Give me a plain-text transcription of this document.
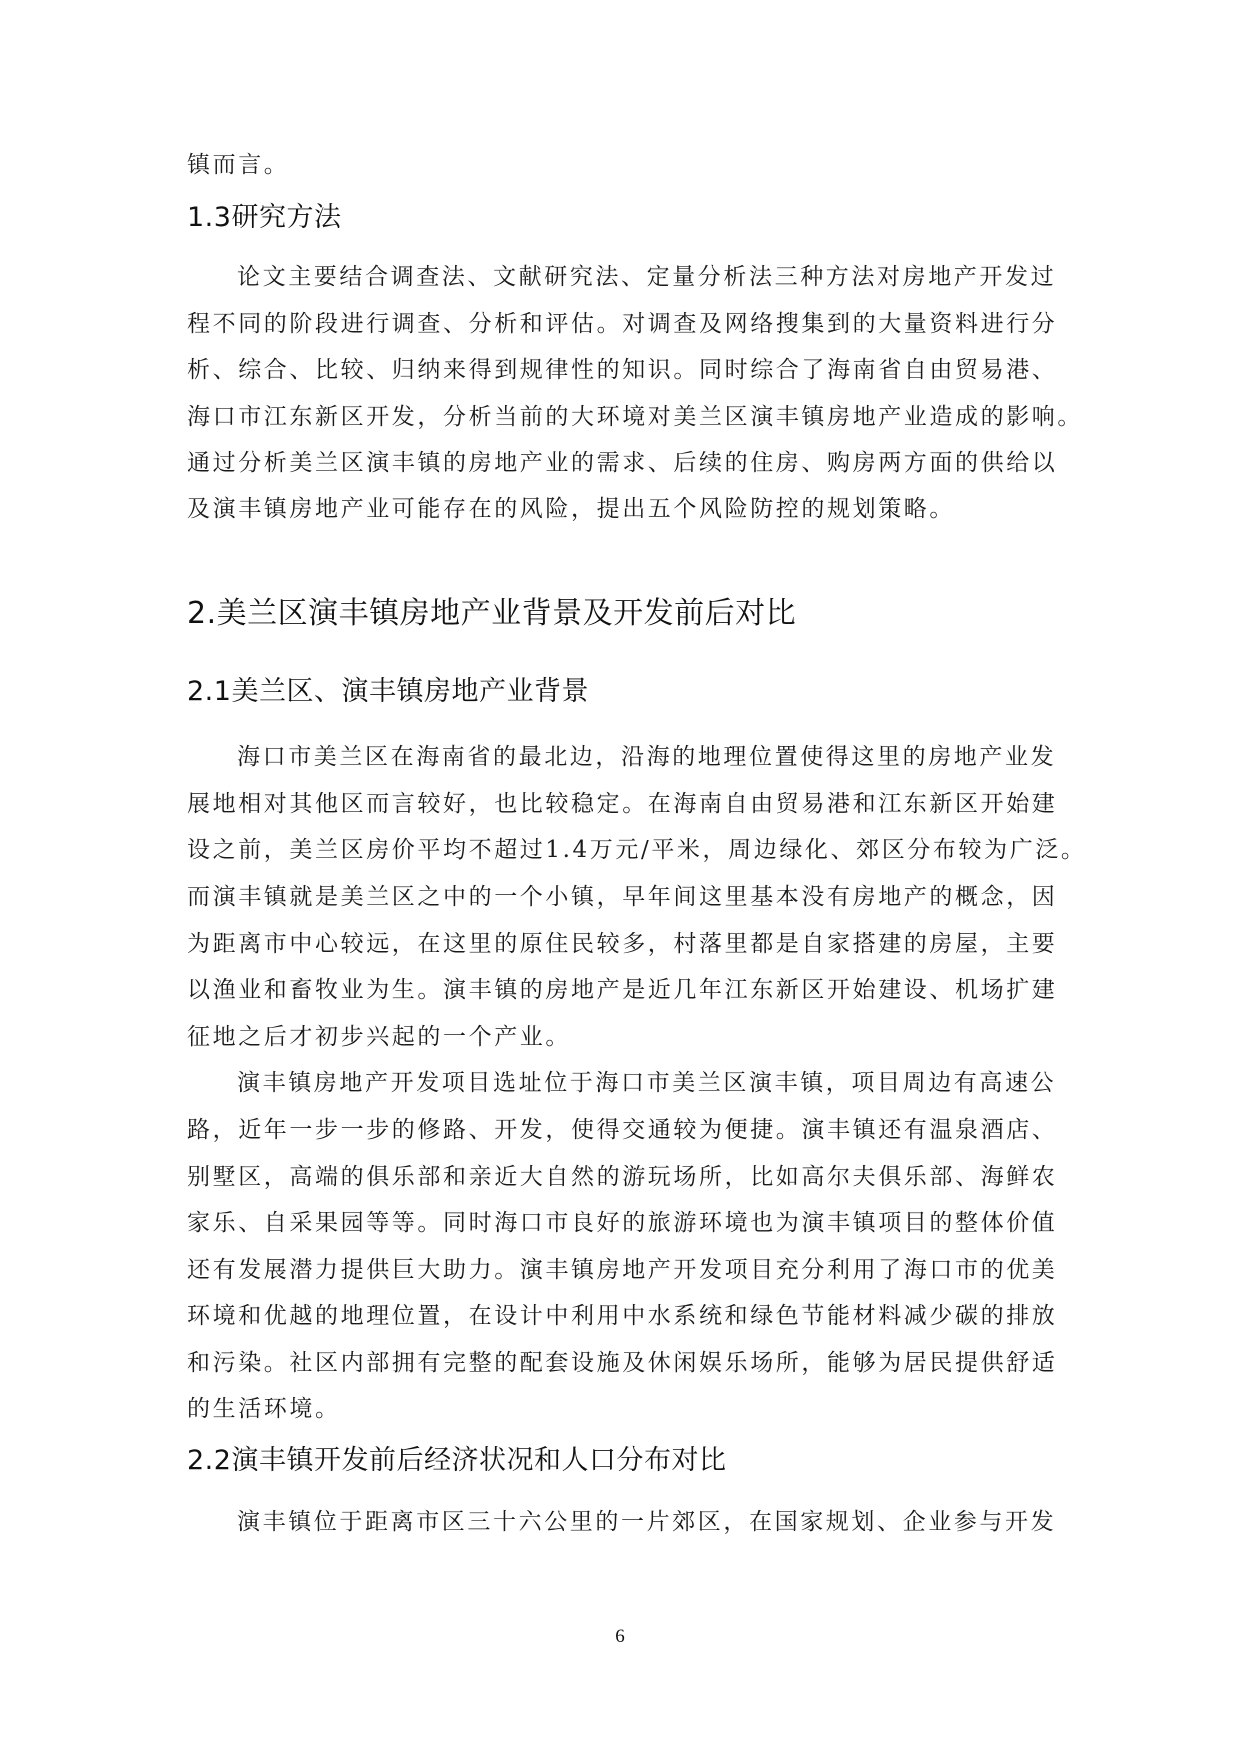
镇而言。
1.3研究方法
论文主要结合调查法、文献研究法、定量分析法三种方法对房地产开发过
程不同的阶段进行调查、分析和评估。对调查及网络搜集到的大量资料进行分
析、综合、比较、归纳来得到规律性的知识。同时综合了海南省自由贸易港、
海口市江东新区开发，分析当前的大环境对美兰区演丰镇房地产业造成的影响。
通过分析美兰区演丰镇的房地产业的需求、后续的住房、购房两方面的供给以
及演丰镇房地产业可能存在的风险，提出五个风险防控的规划策略。
2.美兰区演丰镇房地产业背景及开发前后对比
2.1美兰区、演丰镇房地产业背景
海口市美兰区在海南省的最北边，沿海的地理位置使得这里的房地产业发
展地相对其他区而言较好，也比较稳定。在海南自由贸易港和江东新区开始建
设之前，美兰区房价平均不超过1.4万元/平米，周边绿化、郊区分布较为广泛。
而演丰镇就是美兰区之中的一个小镇，早年间这里基本没有房地产的概念，因
为距离市中心较远，在这里的原住民较多，村落里都是自家搭建的房屋，主要
以渔业和畜牧业为生。演丰镇的房地产是近几年江东新区开始建设、机场扩建
征地之后才初步兴起的一个产业。
演丰镇房地产开发项目选址位于海口市美兰区演丰镇，项目周边有高速公
路，近年一步一步的修路、开发，使得交通较为便捷。演丰镇还有温泉酒店、
别墅区，高端的俱乐部和亲近大自然的游玩场所，比如高尔夫俱乐部、海鲜农
家乐、自采果园等等。同时海口市良好的旅游环境也为演丰镇项目的整体价值
还有发展潜力提供巨大助力。演丰镇房地产开发项目充分利用了海口市的优美
环境和优越的地理位置，在设计中利用中水系统和绿色节能材料减少碳的排放
和污染。社区内部拥有完整的配套设施及休闲娱乐场所，能够为居民提供舒适
的生活环境。
2.2演丰镇开发前后经济状况和人口分布对比
演丰镇位于距离市区三十六公里的一片郊区，在国家规划、企业参与开发
6
